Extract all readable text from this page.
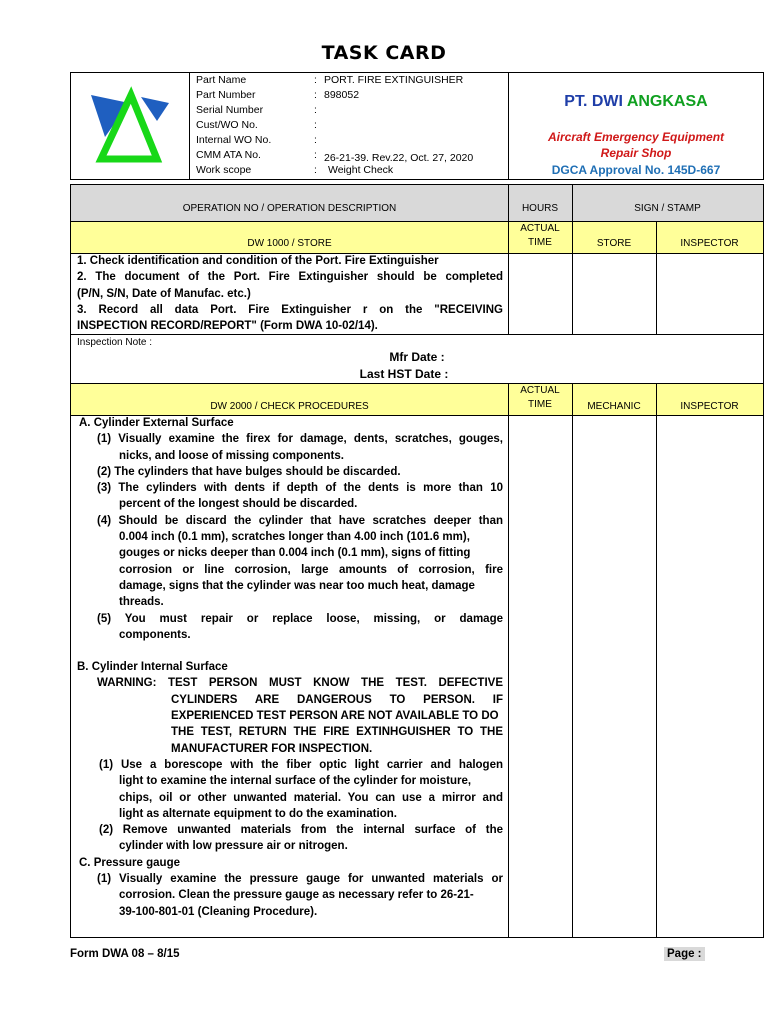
TASK CARD
Part Name	: PORT. FIRE EXTINGUISHER
Part Number	: 898052
Serial Number	:
Cust/WO No.	:
Internal WO No.	:
CMM ATA No.	: 26-21-39. Rev.22, Oct. 27, 2020
Work scope	: Weight Check
PT. DWI ANGKASA
Aircraft Emergency Equipment
Repair Shop
DGCA Approval No. 145D-667
OPERATION NO / OPERATION DESCRIPTION	HOURS	SIGN / STAMP
DW 1000 / STORE
ACTUAL
TIME	STORE	INSPECTOR
1. Check identification and condition of the Port. Fire Extinguisher
2. The document of the Port. Fire Extinguisher should be completed
(P/N, S/N, Date of Manufac. etc.)
3. Record all data Port. Fire Extinguisher r on the "RECEIVING
INSPECTION RECORD/REPORT" (Form DWA 10-02/14).
Inspection Note :
Mfr Date :
Last HST Date :
DW 2000 / CHECK PROCEDURES
ACTUAL
TIME	MECHANIC	INSPECTOR
A. Cylinder External Surface
(1) Visually examine the firex for damage, dents, scratches, gouges,
nicks, and loose of missing components.
(2) The cylinders that have bulges should be discarded.
(3) The cylinders with dents if depth of the dents is more than 10
percent of the longest should be discarded.
(4) Should be discard the cylinder that have scratches deeper than
0.004 inch (0.1 mm), scratches longer than 4.00 inch (101.6 mm),
gouges or nicks deeper than 0.004 inch (0.1 mm), signs of fitting
corrosion or line corrosion, large amounts of corrosion, fire
damage, signs that the cylinder was near too much heat, damage
threads.
(5) You must repair or replace loose, missing, or damage
components.
B. Cylinder Internal Surface
WARNING: TEST PERSON MUST KNOW THE TEST. DEFECTIVE
CYLINDERS ARE DANGEROUS TO PERSON. IF
EXPERIENCED TEST PERSON ARE NOT AVAILABLE TO DO
THE TEST, RETURN THE FIRE EXTINHGUISHER TO THE
MANUFACTURER FOR INSPECTION.
(1) Use a borescope with the fiber optic light carrier and halogen
light to examine the internal surface of the cylinder for moisture,
chips, oil or other unwanted material. You can use a mirror and
light as alternate equipment to do the examination.
(2) Remove unwanted materials from the internal surface of the
cylinder with low pressure air or nitrogen.
C. Pressure gauge
(1) Visually examine the pressure gauge for unwanted materials or
corrosion. Clean the pressure gauge as necessary refer to 26-21-
39-100-801-01 (Cleaning Procedure).
Form DWA 08 – 8/15	Page :
